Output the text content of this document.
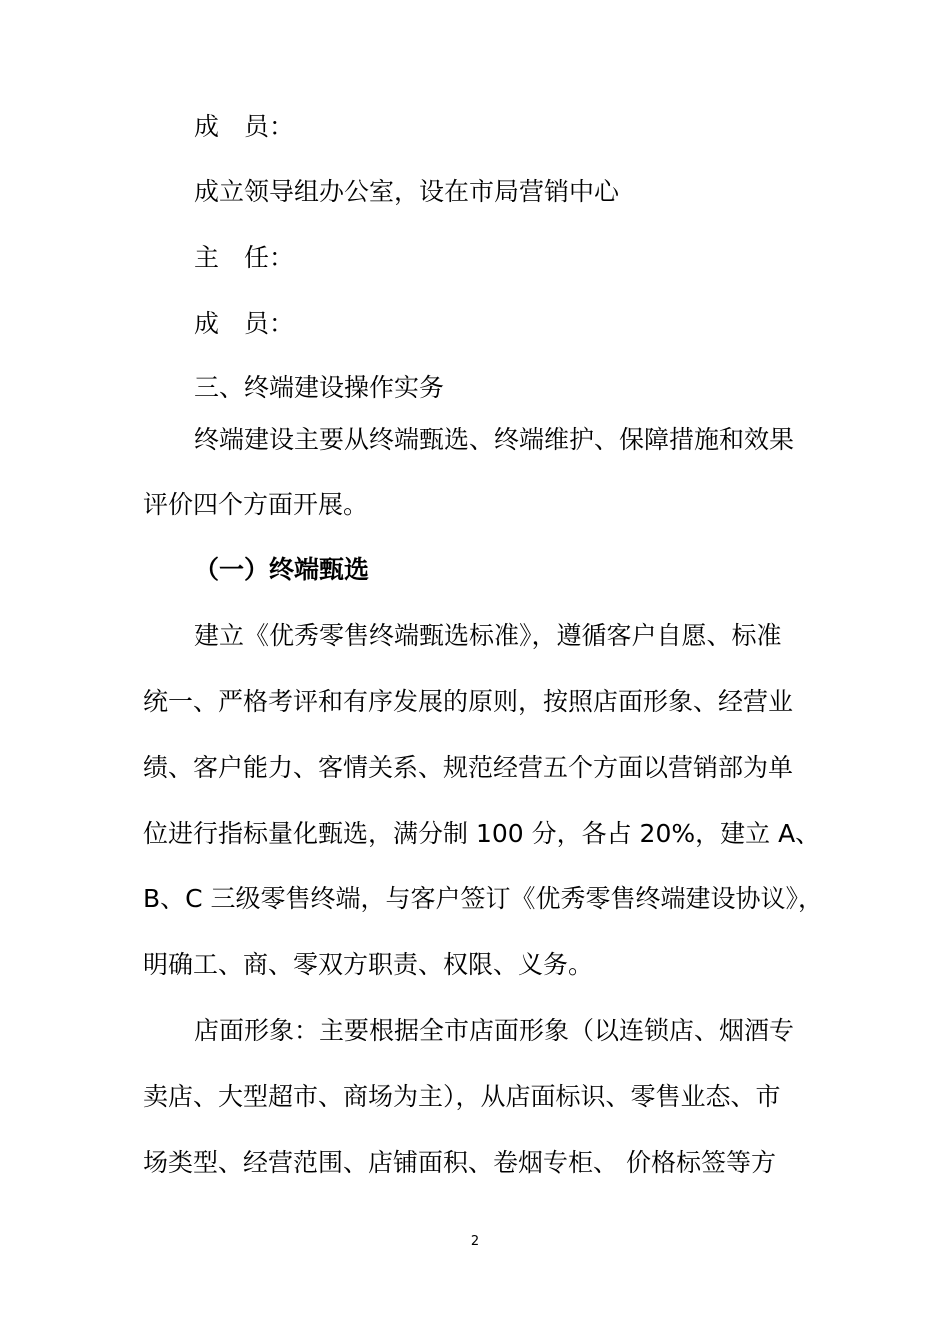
成　员：

成立领导组办公室，设在市局营销中心

主　任：

成　员：

三、终端建设操作实务

终端建设主要从终端甄选、终端维护、保障措施和效果

评价四个方面开展。

（一）终端甄选

建立《优秀零售终端甄选标准》，遵循客户自愿、标准

统一、严格考评和有序发展的原则，按照店面形象、经营业

绩、客户能力、客情关系、规范经营五个方面以营销部为单

位进行指标量化甄选，满分制 100 分，各占 20%，建立 A、

B、C 三级零售终端，与客户签订《优秀零售终端建设协议》，

明确工、商、零双方职责、权限、义务。

店面形象：主要根据全市店面形象（以连锁店、烟酒专

卖店、大型超市、商场为主），从店面标识、零售业态、市

场类型、经营范围、店铺面积、卷烟专柜、 价格标签等方

2
